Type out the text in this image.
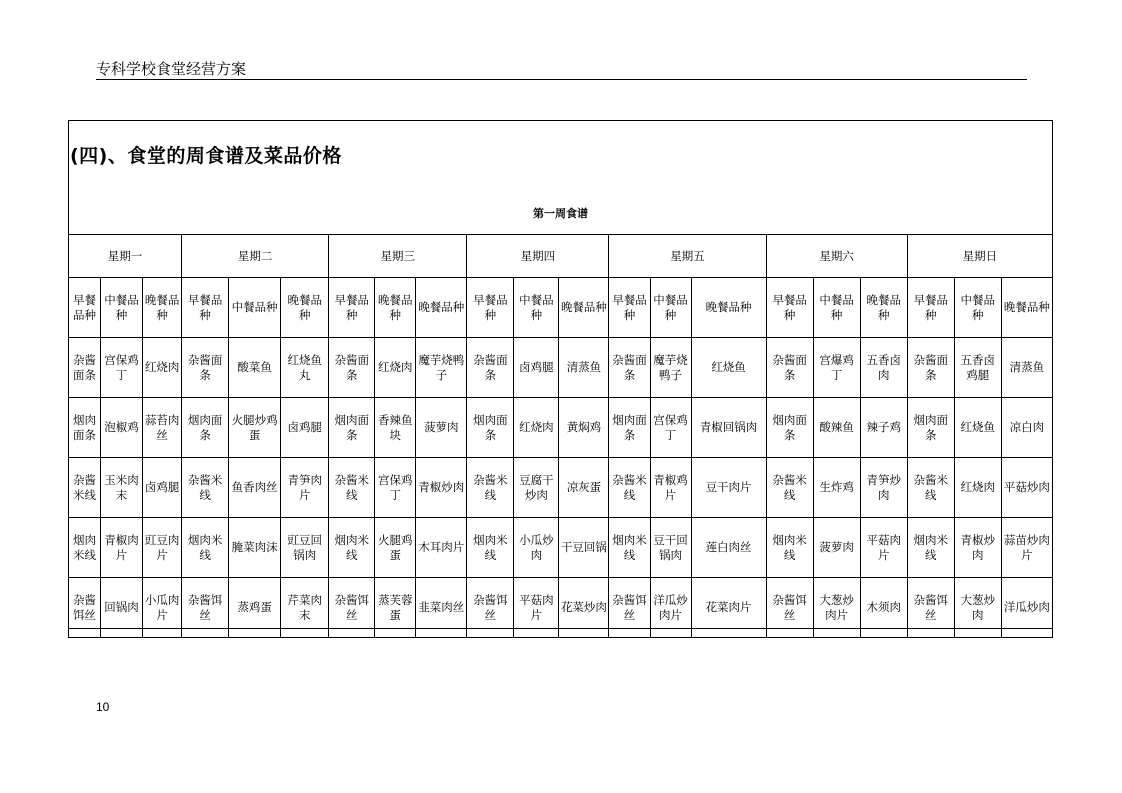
专科学校食堂经营方案
(四)、食堂的周食谱及菜品价格
第一周食谱
星期一			星期二			星期三			星期四			星期五			星期六			星期日		
早餐品种	中餐品种	晚餐品种	早餐品种	中餐品种	晚餐品种	早餐品种	晚餐品种	晚餐品种	早餐品种	中餐品种	晚餐品种	早餐品种	中餐品种	晚餐品种	早餐品种	中餐品种	晚餐品种	早餐品种	中餐品种	晚餐品种
杂酱面条	宫保鸡丁	红烧肉	杂酱面条	酸菜鱼	红烧鱼丸	杂酱面条	红烧肉	魔芋烧鸭子	杂酱面条	卤鸡腿	清蒸鱼	杂酱面条	魔芋烧鸭子	红烧鱼	杂酱面条	宫爆鸡丁	五香卤肉	杂酱面条	五香卤鸡腿	清蒸鱼
烟肉面条	泡椒鸡	蒜苔肉丝	烟肉面条	火腿炒鸡蛋	卤鸡腿	烟肉面条	香辣鱼块	菠萝肉	烟肉面条	红烧肉	黄焖鸡	烟肉面条	宫保鸡丁	青椒回锅肉	烟肉面条	酸辣鱼	辣子鸡	烟肉面条	红烧鱼	凉白肉
杂酱米线	玉米肉末	卤鸡腿	杂酱米线	鱼香肉丝	青笋肉片	杂酱米线	宫保鸡丁	青椒炒肉	杂酱米线	豆腐干炒肉	凉灰蛋	杂酱米线	青椒鸡片	豆干肉片	杂酱米线	生炸鸡	青笋炒肉	杂酱米线	红烧肉	平菇炒肉
烟肉米线	青椒肉片	豇豆肉片	烟肉米线	腌菜肉沫	豇豆回锅肉	烟肉米线	火腿鸡蛋	木耳肉片	烟肉米线	小瓜炒肉	干豆回锅	烟肉米线	豆干回锅肉	莲白肉丝	烟肉米线	菠萝肉	平菇肉片	烟肉米线	青椒炒肉	蒜苗炒肉片
杂酱饵丝	回锅肉	小瓜肉片	杂酱饵丝	蒸鸡蛋	芹菜肉末	杂酱饵丝	蒸芙蓉蛋	韭菜肉丝	杂酱饵丝	平菇肉片	花菜炒肉	杂酱饵丝	洋瓜炒肉片	花菜肉片	杂酱饵丝	大葱炒肉片	木须肉	杂酱饵丝	大葱炒肉	洋瓜炒肉
10
